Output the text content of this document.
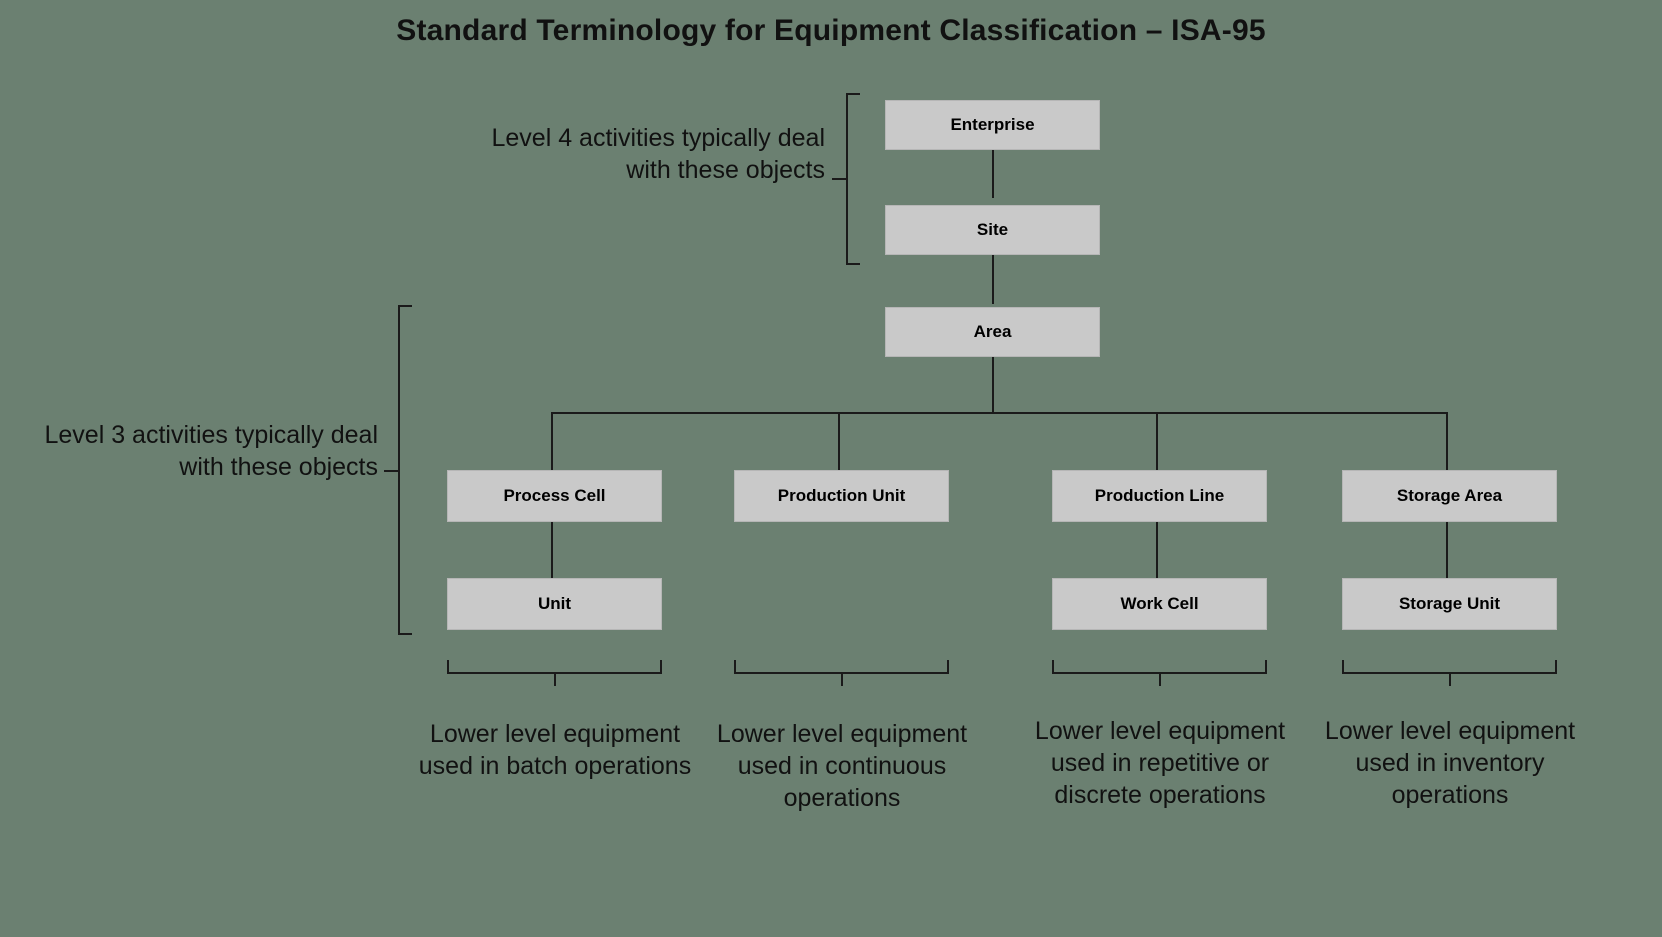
Standard Terminology for Equipment Classification – ISA-95
Enterprise
Site
Area
Process Cell	Production Unit	Production Line	Storage Area
Unit	Work Cell	Storage Unit
Level 4 activities typically deal with these objects
Level 3 activities typically deal with these objects
Lower level equipment used in batch operations
Lower level equipment used in continuous operations
Lower level equipment used in repetitive or discrete operations
Lower level equipment used in inventory operations
